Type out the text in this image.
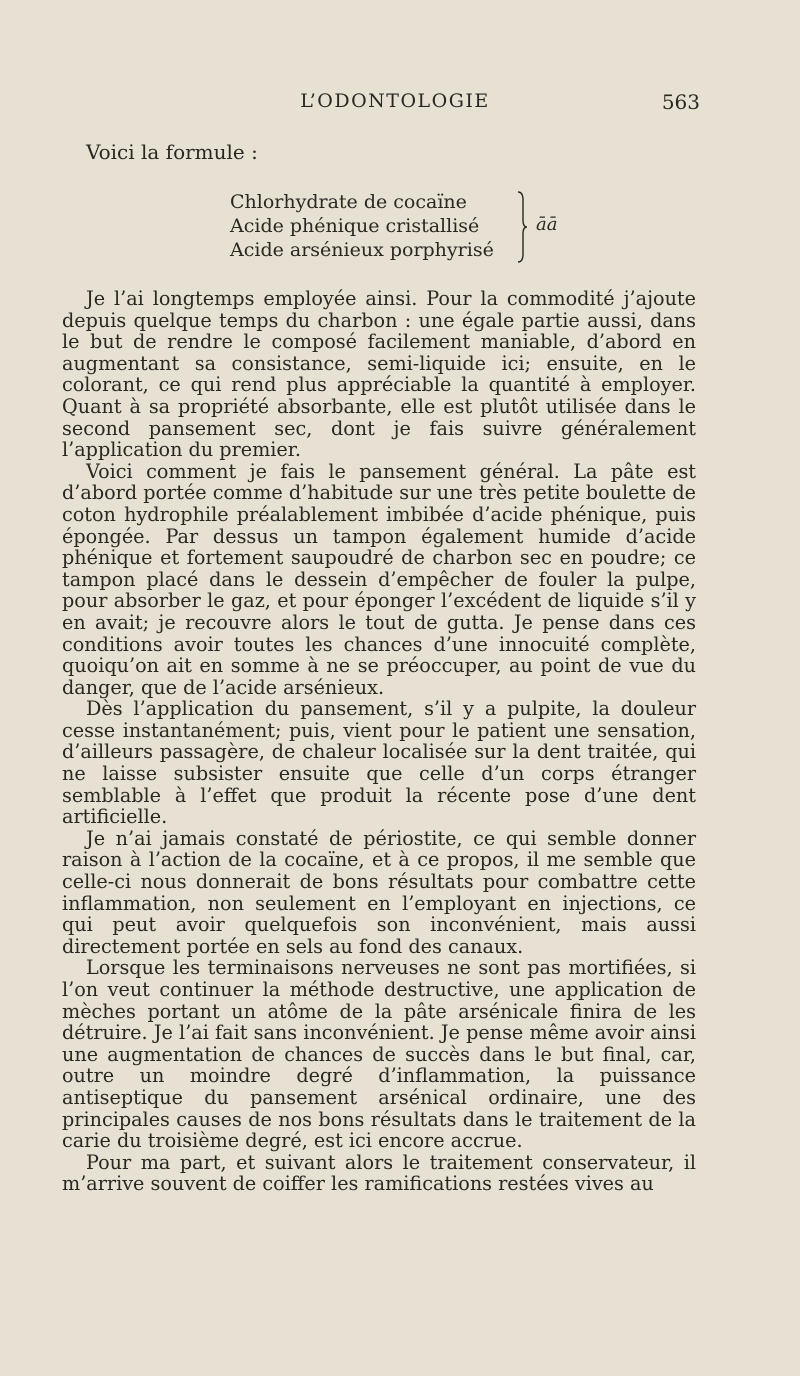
L’ODONTOLOGIE	563
Voici la formule :
Chlorhydrate de cocaïne
Acide phénique cristallisé
Acide arsénieux porphyrisé
āā

Je l’ai longtemps employée ainsi. Pour la commodité j’ajoute depuis quelque temps du charbon : une égale partie aussi, dans le but de rendre le composé facilement maniable, d’abord en augmentant sa consistance, semi-liquide ici; ensuite, en le colorant, ce qui rend plus appréciable la quantité à employer. Quant à sa propriété absorbante, elle est plutôt utilisée dans le second pansement sec, dont je fais suivre généralement l’application du premier.

Voici comment je fais le pansement général. La pâte est d’abord portée comme d’habitude sur une très petite boulette de coton hydrophile préalablement imbibée d’acide phénique, puis épongée. Par dessus un tampon également humide d’acide phénique et fortement saupoudré de charbon sec en poudre; ce tampon placé dans le dessein d’empêcher de fouler la pulpe, pour absorber le gaz, et pour éponger l’excédent de liquide s’il y en avait; je recouvre alors le tout de gutta. Je pense dans ces conditions avoir toutes les chances d’une innocuité complète, quoiqu’on ait en somme à ne se préoccuper, au point de vue du danger, que de l’acide arsénieux.

Dès l’application du pansement, s’il y a pulpite, la douleur cesse instantanément; puis, vient pour le patient une sensation, d’ailleurs passagère, de chaleur localisée sur la dent traitée, qui ne laisse subsister ensuite que celle d’un corps étranger semblable à l’effet que produit la récente pose d’une dent artificielle.

Je n’ai jamais constaté de périostite, ce qui semble donner raison à l’action de la cocaïne, et à ce propos, il me semble que celle-ci nous donnerait de bons résultats pour combattre cette inflammation, non seulement en l’employant en injections, ce qui peut avoir quelquefois son inconvénient, mais aussi directement portée en sels au fond des canaux.

Lorsque les terminaisons nerveuses ne sont pas mortifiées, si l’on veut continuer la méthode destructive, une application de mèches portant un atôme de la pâte arsénicale finira de les détruire. Je l’ai fait sans inconvénient. Je pense même avoir ainsi une augmentation de chances de succès dans le but final, car, outre un moindre degré d’inflammation, la puissance antiseptique du pansement arsénical ordinaire, une des principales causes de nos bons résultats dans le traitement de la carie du troisième degré, est ici encore accrue.

Pour ma part, et suivant alors le traitement conservateur, il m’arrive souvent de coiffer les ramifications restées vives au
